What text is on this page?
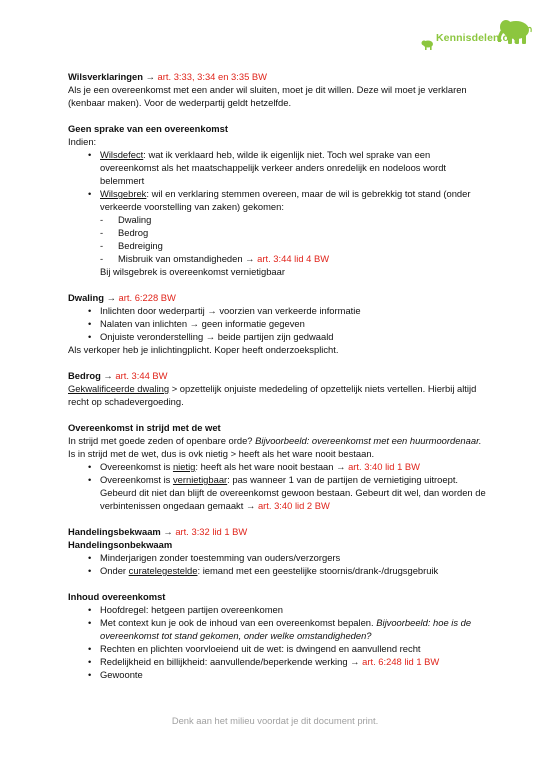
Kennisdelen.org
Wilsverklaringen → art. 3:33, 3:34 en 3:35 BW
Als je een overeenkomst met een ander wil sluiten, moet je dit willen. Deze wil moet je verklaren (kenbaar maken). Voor de wederpartij geldt hetzelfde.
Geen sprake van een overeenkomst
Indien:
• Wilsdefect: wat ik verklaard heb, wilde ik eigenlijk niet. Toch wel sprake van een overeenkomst als het maatschappelijk verkeer anders onredelijk en nodeloos wordt belemmert
• Wilsgebrek: wil en verklaring stemmen overeen, maar de wil is gebrekkig tot stand (onder verkeerde voorstelling van zaken) gekomen:
- Dwaling
- Bedrog
- Bedreiging
- Misbruik van omstandigheden → art. 3:44 lid 4 BW
Bij wilsgebrek is overeenkomst vernietigbaar
Dwaling → art. 6:228 BW
• Inlichten door wederpartij → voorzien van verkeerde informatie
• Nalaten van inlichten → geen informatie gegeven
• Onjuiste veronderstelling → beide partijen zijn gedwaald
Als verkoper heb je inlichtingplicht. Koper heeft onderzoeksplicht.
Bedrog → art. 3:44 BW
Gekwalificeerde dwaling > opzettelijk onjuiste mededeling of opzettelijk niets vertellen. Hierbij altijd recht op schadevergoeding.
Overeenkomst in strijd met de wet
In strijd met goede zeden of openbare orde? Bijvoorbeeld: overeenkomst met een huurmoordenaar. Is in strijd met de wet, dus is ovk nietig > heeft als het ware nooit bestaan.
• Overeenkomst is nietig: heeft als het ware nooit bestaan → art. 3:40 lid 1 BW
• Overeenkomst is vernietigbaar: pas wanneer 1 van de partijen de vernietiging uitroept. Gebeurd dit niet dan blijft de overeenkomst gewoon bestaan. Gebeurt dit wel, dan worden de verbintenissen ongedaan gemaakt → art. 3:40 lid 2 BW
Handelingsbekwaam → art. 3:32 lid 1 BW
Handelingsonbekwaam
• Minderjarigen zonder toestemming van ouders/verzorgers
• Onder curatelegestelde: iemand met een geestelijke stoornis/drank-/drugsgebruik
Inhoud overeenkomst
• Hoofdregel: hetgeen partijen overeenkomen
• Met context kun je ook de inhoud van een overeenkomst bepalen. Bijvoorbeeld: hoe is de overeenkomst tot stand gekomen, onder welke omstandigheden?
• Rechten en plichten voorvloeiend uit de wet: is dwingend en aanvullend recht
• Redelijkheid en billijkheid: aanvullende/beperkende werking → art. 6:248 lid 1 BW
• Gewoonte
Denk aan het milieu voordat je dit document print.
